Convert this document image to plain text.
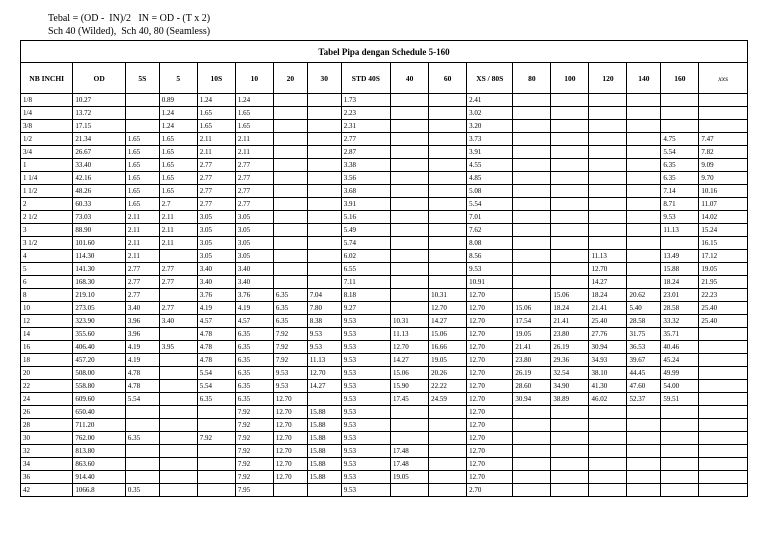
Tebal = (OD -  IN)/2   IN = OD - (T x 2)
Sch 40 (Wilded),  Sch 40, 80 (Seamless)
Tabel Pipa dengan Schedule 5-160																	
NB INCHI	OD	5S	5	10S	10	20	30	STD 40S	40	60	XS / 80S	80	100	120	140	160	xxs
1/8	10.27		0.89	1.24	1.24			1.73			2.41						
1/4	13.72		1.24	1.65	1.65			2.23			3.02						
3/8	17.15		1.24	1.65	1.65			2.31			3.20						
1/2	21.34	1.65	1.65	2.11	2.11			2.77			3.73					4.75	7.47
3/4	26.67	1.65	1.65	2.11	2.11			2.87			3.91					5.54	7.82
1	33.40	1.65	1.65	2.77	2.77			3.38			4.55					6.35	9.09
1 1/4	42.16	1.65	1.65	2.77	2.77			3.56			4.85					6.35	9.70
1 1/2	48.26	1.65	1.65	2.77	2.77			3.68			5.08					7.14	10.16
2	60.33	1.65	2.7	2.77	2.77			3.91			5.54					8.71	11.07
2 1/2	73.03	2.11	2.11	3.05	3.05			5.16			7.01					9.53	14.02
3	88.90	2.11	2.11	3.05	3.05			5.49			7.62					11.13	15.24
3 1/2	101.60	2.11	2.11	3.05	3.05			5.74			8.08						16.15
4	114.30	2.11		3.05	3.05			6.02			8.56			11.13		13.49	17.12
5	141.30	2.77	2.77	3.40	3.40			6.55			9.53			12.70		15.88	19.05
6	168.30	2.77	2.77	3.40	3.40			7.11			10.91			14.27		18.24	21.95
8	219.10	2.77		3.76	3.76	6.35	7.04	8.18		10.31	12.70		15.06	18.24	20.62	23.01	22.23
10	273.05	3.40	2.77	4.19	4.19	6.35	7.80	9.27		12.70	12.70	15.06	18.24	21.41	5.40	28.58	25.40
12	323.90	3.96	3.40	4.57	4.57	6.35	8.38	9.53	10.31	14.27	12.70	17.54	21.41	25.40	28.58	33.32	25.40
14	355.60	3.96		4.78	6.35	7.92	9.53	9.53	11.13	15.06	12.70	19.05	23.80	27.76	31.75	35.71	
16	406.40	4.19	3.95	4.78	6.35	7.92	9.53	9.53	12.70	16.66	12.70	21.41	26.19	30.94	36.53	40.46	
18	457.20	4.19		4.78	6.35	7.92	11.13	9.53	14.27	19.05	12.70	23.80	29.36	34.93	39.67	45.24	
20	508.00	4.78		5.54	6.35	9.53	12.70	9.53	15.06	20.26	12.70	26.19	32.54	38.10	44.45	49.99	
22	558.80	4.78		5.54	6.35	9.53	14.27	9.53	15.90	22.22	12.70	28.60	34.90	41.30	47.60	54.00	
24	609.60	5.54		6.35	6.35	12.70		9.53	17.45	24.59	12.70	30.94	38.89	46.02	52.37	59.51	
26	650.40				7.92	12.70	15.88	9.53			12.70						
28	711.20				7.92	12.70	15.88	9.53			12.70						
30	762.00	6.35		7.92	7.92	12.70	15.88	9.53			12.70						
32	813.80				7.92	12.70	15.88	9.53	17.48		12.70						
34	863.60				7.92	12.70	15.88	9.53	17.48		12.70						
36	914.40				7.92	12.70	15.88	9.53	19.05		12.70						
42	1066.8	0.35			7.95			9.53			2.70						
